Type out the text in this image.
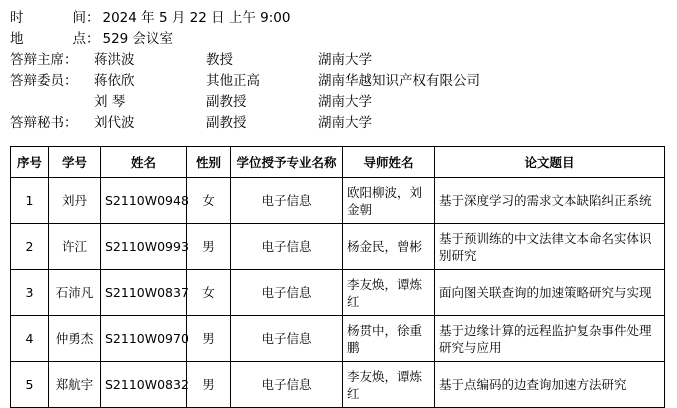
时	间 ： 2024 年 5 月 22 日 上午 9:00
地	点 ： 529 会议室
答辩主席：	蒋洪波	教授	湖南大学
答辩委员：	蒋依欣	其他正高	湖南华越知识产权有限公司
刘 琴	副教授	湖南大学
答辩秘书：	刘代波	副教授	湖南大学
序号	学号	姓名	性别	学位授予专业名称	导师姓名	论文题目
1	刘丹	S2110W0948	女	电子信息	欧阳柳波，刘金朝	基于深度学习的需求文本缺陷纠正系统
2	许江	S2110W0993	男	电子信息	杨金民，曾彬	基于预训练的中文法律文本命名实体识别研究
3	石沛凡	S2110W0837	女	电子信息	李友焕，谭炼红	面向图关联查询的加速策略研究与实现
4	仲勇杰	S2110W0970	男	电子信息	杨贯中，徐重鹏	基于边缘计算的远程监护复杂事件处理研究与应用
5	郑航宇	S2110W0832	男	电子信息	李友焕，谭炼红	基于点编码的边查询加速方法研究
